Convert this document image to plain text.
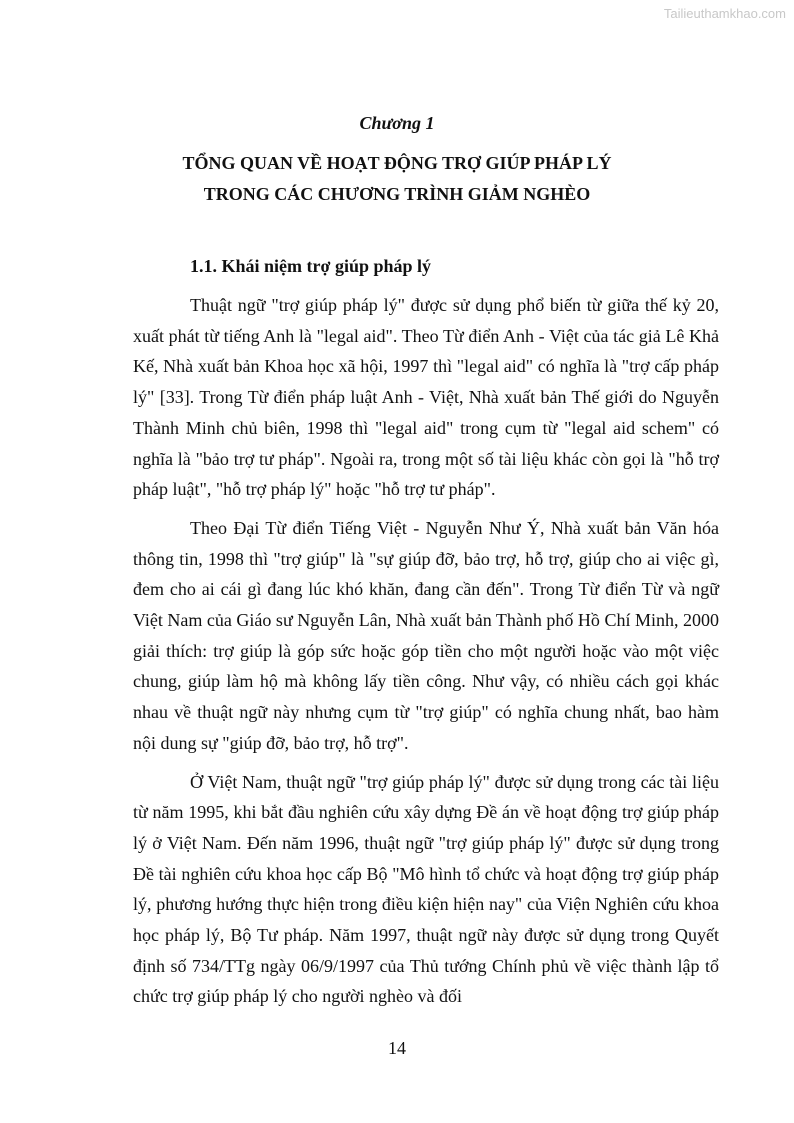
Tailieuthamkhao.com
Chương 1
TỔNG QUAN VỀ HOẠT ĐỘNG TRỢ GIÚP PHÁP LÝ
TRONG CÁC CHƯƠNG TRÌNH GIẢM NGHÈO
1.1. Khái niệm trợ giúp pháp lý

Thuật ngữ "trợ giúp pháp lý" được sử dụng phổ biến từ giữa thế kỷ 20, xuất phát từ tiếng Anh là "legal aid". Theo Từ điển Anh - Việt của tác giả Lê Khả Kế, Nhà xuất bản Khoa học xã hội, 1997 thì "legal aid" có nghĩa là "trợ cấp pháp lý" [33]. Trong Từ điển pháp luật Anh - Việt, Nhà xuất bản Thế giới do Nguyễn Thành Minh chủ biên, 1998 thì "legal aid" trong cụm từ "legal aid schem" có nghĩa là "bảo trợ tư pháp". Ngoài ra, trong một số tài liệu khác còn gọi là "hỗ trợ pháp luật", "hỗ trợ pháp lý" hoặc "hỗ trợ tư pháp".

Theo Đại Từ điển Tiếng Việt - Nguyễn Như Ý, Nhà xuất bản Văn hóa thông tin, 1998 thì "trợ giúp" là "sự giúp đỡ, bảo trợ, hỗ trợ, giúp cho ai việc gì, đem cho ai cái gì đang lúc khó khăn, đang cần đến". Trong Từ điển Từ và ngữ Việt Nam của Giáo sư Nguyễn Lân, Nhà xuất bản Thành phố Hồ Chí Minh, 2000 giải thích: trợ giúp là góp sức hoặc góp tiền cho một người hoặc vào một việc chung, giúp làm hộ mà không lấy tiền công. Như vậy, có nhiều cách gọi khác nhau về thuật ngữ này nhưng cụm từ "trợ giúp" có nghĩa chung nhất, bao hàm nội dung sự "giúp đỡ, bảo trợ, hỗ trợ".

Ở Việt Nam, thuật ngữ "trợ giúp pháp lý" được sử dụng trong các tài liệu từ năm 1995, khi bắt đầu nghiên cứu xây dựng Đề án về hoạt động trợ giúp pháp lý ở Việt Nam. Đến năm 1996, thuật ngữ "trợ giúp pháp lý" được sử dụng trong Đề tài nghiên cứu khoa học cấp Bộ "Mô hình tổ chức và hoạt động trợ giúp pháp lý, phương hướng thực hiện trong điều kiện hiện nay" của Viện Nghiên cứu khoa học pháp lý, Bộ Tư pháp. Năm 1997, thuật ngữ này được sử dụng trong Quyết định số 734/TTg ngày 06/9/1997 của Thủ tướng Chính phủ về việc thành lập tổ chức trợ giúp pháp lý cho người nghèo và đối

14
